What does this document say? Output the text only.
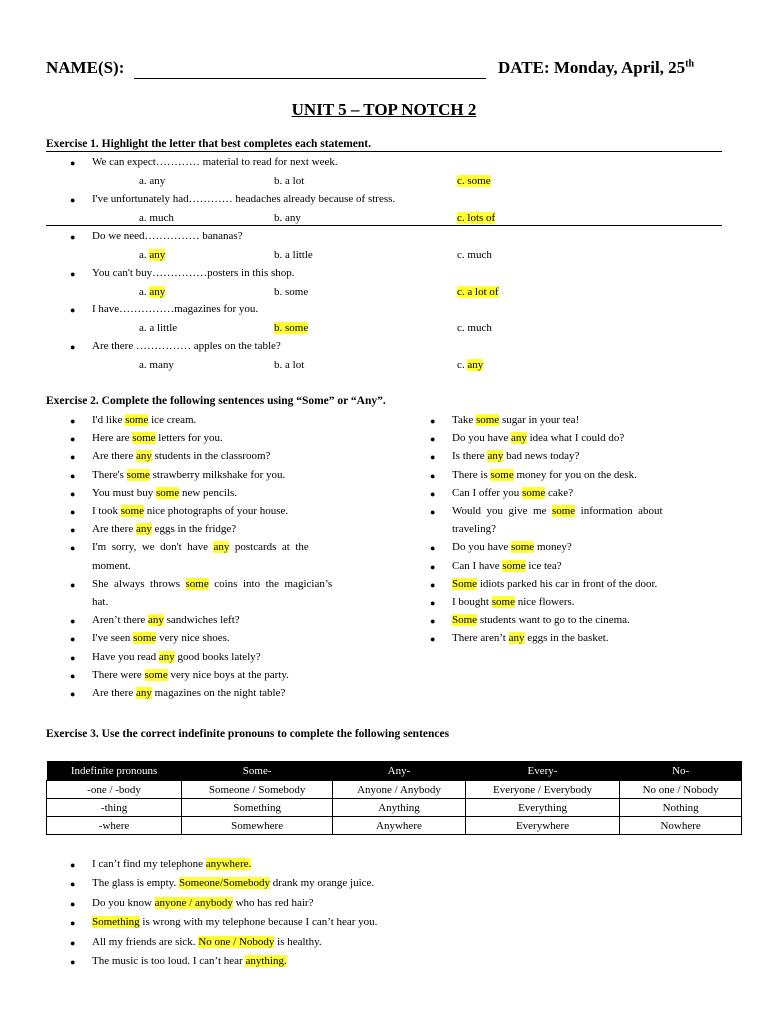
NAME(S):	DATE: Monday, April, 25th
UNIT 5 – TOP NOTCH 2
Exercise 1. Highlight the letter that best completes each statement.
● We can expect………… material to read for next week.
a. any	b. a lot	c. some
● I've unfortunately had………… headaches already because of stress.
a. much	b. any	c. lots of
● Do we need…………… bananas?
a. any	b. a little	c. much
● You can't buy……………posters in this shop.
a. any	b. some	c. a lot of
● I have……………magazines for you.
a. a little	b. some	c. much
● Are there …………… apples on the table?
a. many	b. a lot	c. any
Exercise 2. Complete the following sentences using “Some” or “Any”.
● I'd like some ice cream.
● Here are some letters for you.
● Are there any students in the classroom?
● There's some strawberry milkshake for you.
● You must buy some new pencils.
● I took some nice photographs of your house.
● Are there any eggs in the fridge?
● I'm  sorry,  we  don't  have  any  postcards  at  the
moment.
● She  always  throws  some  coins  into  the  magician’s
hat.
● Aren’t there any sandwiches left?
● I've seen some very nice shoes.
● Have you read any good books lately?
● There were some very nice boys at the party.
● Are there any magazines on the night table?
● Take some sugar in your tea!
● Do you have any idea what I could do?
● Is there any bad news today?
● There is some money for you on the desk.
● Can I offer you some cake?
● Would  you  give  me  some  information  about
traveling?
● Do you have some money?
● Can I have some ice tea?
● Some idiots parked his car in front of the door.
● I bought some nice flowers.
● Some students want to go to the cinema.
● There aren’t any eggs in the basket.
Exercise 3. Use the correct indefinite pronouns to complete the following sentences
Indefinite pronouns	Some-	Any-	Every-	No-
-one / -body	Someone / Somebody	Anyone / Anybody	Everyone / Everybody	No one / Nobody
-thing	Something	Anything	Everything	Nothing
-where	Somewhere	Anywhere	Everywhere	Nowhere
● I can’t find my telephone anywhere.
● The glass is empty. Someone/Somebody drank my orange juice.
● Do you know anyone / anybody who has red hair?
● Something is wrong with my telephone because I can’t hear you.
● All my friends are sick. No one / Nobody is healthy.
● The music is too loud. I can’t hear anything.
